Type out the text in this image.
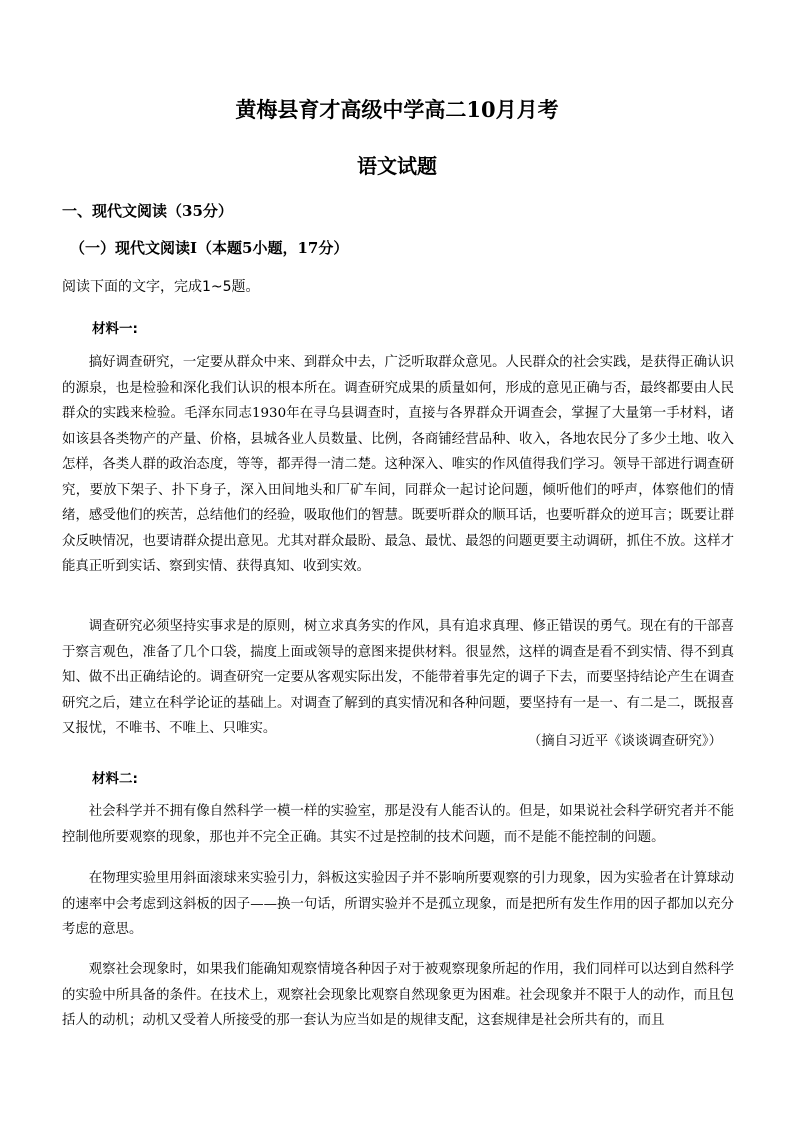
黄梅县育才高级中学高二10月月考
语文试题
一、现代文阅读（35分）
（一）现代文阅读Ⅰ（本题5小题，17分）
阅读下面的文字，完成1~5题。
材料一:
搞好调查研究，一定要从群众中来、到群众中去，广泛听取群众意见。人民群众的社会实践，是获得正确认识的源泉，也是检验和深化我们认识的根本所在。调查研究成果的质量如何，形成的意见正确与否，最终都要由人民群众的实践来检验。毛泽东同志1930年在寻乌县调查时，直接与各界群众开调查会，掌握了大量第一手材料，诸如该县各类物产的产量、价格，县城各业人员数量、比例，各商铺经营品种、收入，各地农民分了多少土地、收入怎样，各类人群的政治态度，等等，都弄得一清二楚。这种深入、唯实的作风值得我们学习。领导干部进行调查研究，要放下架子、扑下身子，深入田间地头和厂矿车间，同群众一起讨论问题，倾听他们的呼声，体察他们的情绪，感受他们的疾苦，总结他们的经验，吸取他们的智慧。既要听群众的顺耳话，也要听群众的逆耳言；既要让群众反映情况，也要请群众提出意见。尤其对群众最盼、最急、最忧、最怨的问题更要主动调研，抓住不放。这样才能真正听到实话、察到实情、获得真知、收到实效。
调查研究必须坚持实事求是的原则，树立求真务实的作风，具有追求真理、修正错误的勇气。现在有的干部喜于察言观色，准备了几个口袋，揣度上面或领导的意图来提供材料。很显然，这样的调查是看不到实情、得不到真知、做不出正确结论的。调查研究一定要从客观实际出发，不能带着事先定的调子下去，而要坚持结论产生在调查研究之后，建立在科学论证的基础上。对调查了解到的真实情况和各种问题，要坚持有一是一、有二是二，既报喜又报忧，不唯书、不唯上、只唯实。
（摘自习近平《谈谈调查研究》）
材料二:
社会科学并不拥有像自然科学一模一样的实验室，那是没有人能否认的。但是，如果说社会科学研究者并不能控制他所要观察的现象，那也并不完全正确。其实不过是控制的技术问题，而不是能不能控制的问题。
在物理实验里用斜面滚球来实验引力，斜板这实验因子并不影响所要观察的引力现象，因为实验者在计算球动的速率中会考虑到这斜板的因子——换一句话，所谓实验并不是孤立现象，而是把所有发生作用的因子都加以充分考虑的意思。
观察社会现象时，如果我们能确知观察情境各种因子对于被观察现象所起的作用，我们同样可以达到自然科学的实验中所具备的条件。在技术上，观察社会现象比观察自然现象更为困难。社会现象并不限于人的动作，而且包括人的动机；动机又受着人所接受的那一套认为应当如是的规律支配，这套规律是社会所共有的，而且
